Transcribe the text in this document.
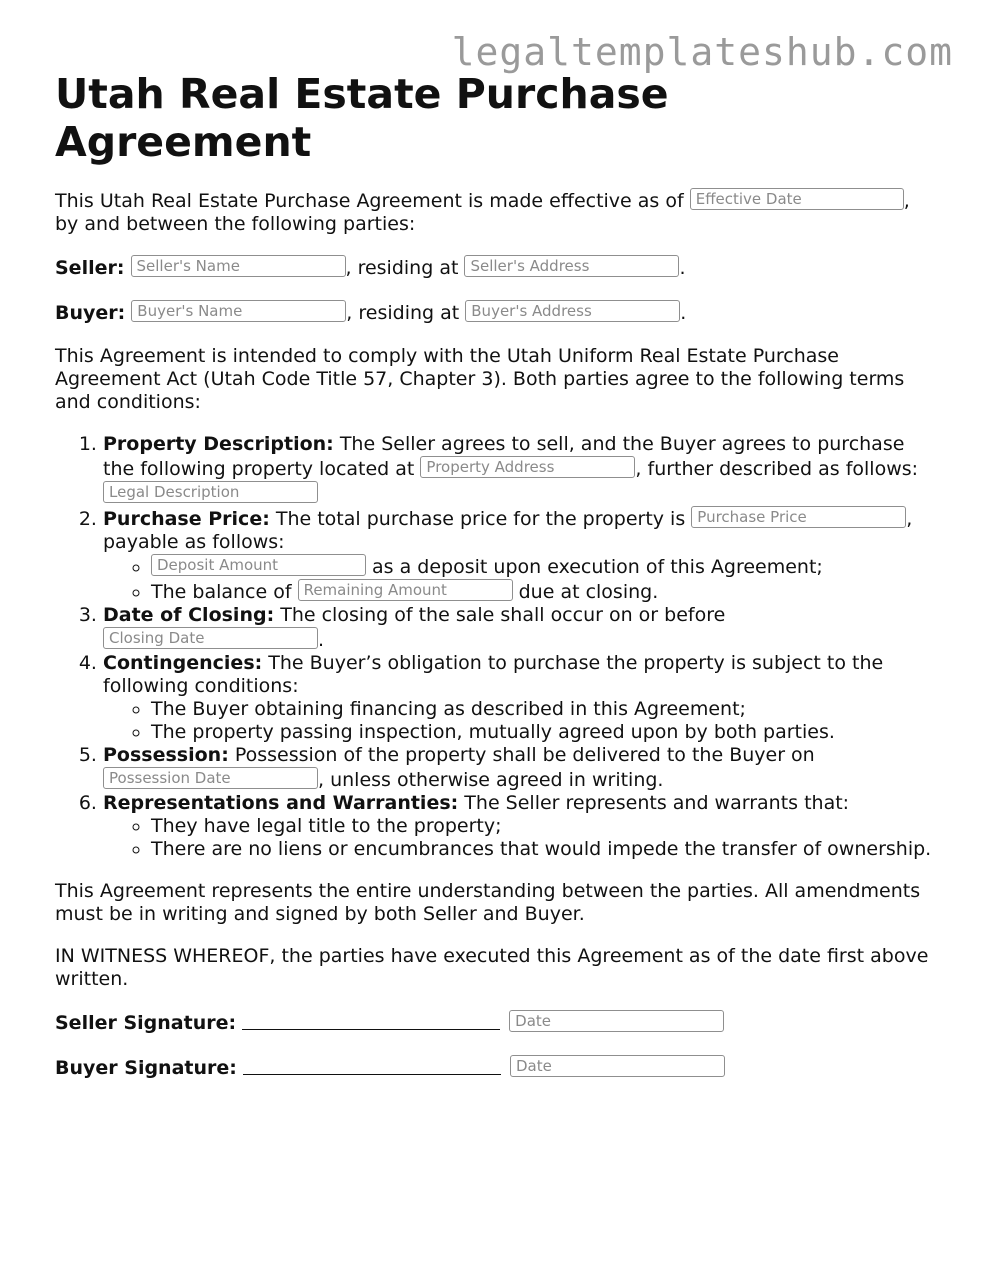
legaltemplateshub.com
Utah Real Estate Purchase Agreement

This Utah Real Estate Purchase Agreement is made effective as of Effective Date	,
by and between the following parties:

Seller: Seller's Name	, residing at Seller's Address	.

Buyer: Buyer's Name	, residing at Buyer's Address	.

This Agreement is intended to comply with the Utah Uniform Real Estate Purchase Agreement Act (Utah Code Title 57, Chapter 3). Both parties agree to the following terms and conditions:

1. Property Description: The Seller agrees to sell, and the Buyer agrees to purchase the following property located at Property Address	, further described as follows: Legal Description
2. Purchase Price: The total purchase price for the property is Purchase Price	, payable as follows:
◦ Deposit Amount	as a deposit upon execution of this Agreement;
◦ The balance of Remaining Amount	due at closing.
3. Date of Closing: The closing of the sale shall occur on or before Closing Date	.
4. Contingencies: The Buyer’s obligation to purchase the property is subject to the following conditions:
◦ The Buyer obtaining financing as described in this Agreement;
◦ The property passing inspection, mutually agreed upon by both parties.
5. Possession: Possession of the property shall be delivered to the Buyer on Possession Date	, unless otherwise agreed in writing.
6. Representations and Warranties: The Seller represents and warrants that:
◦ They have legal title to the property;
◦ There are no liens or encumbrances that would impede the transfer of ownership.

This Agreement represents the entire understanding between the parties. All amendments must be in writing and signed by both Seller and Buyer.

IN WITNESS WHEREOF, the parties have executed this Agreement as of the date first above written.

Seller Signature:	Date

Buyer Signature:	Date
